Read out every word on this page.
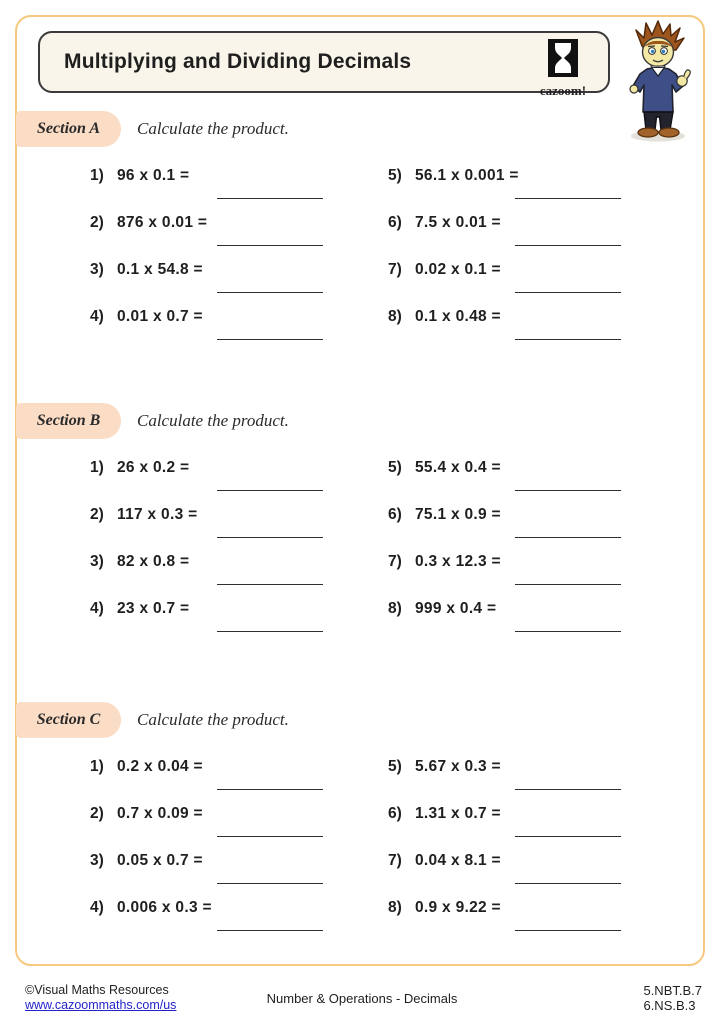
Multiplying and Dividing Decimals
cazoom!
Section A Calculate the product.
1) 96 x 0.1 =
2) 876 x 0.01 =
3) 0.1 x 54.8 =
4) 0.01 x 0.7 =
5) 56.1 x 0.001 =
6) 7.5 x 0.01 =
7) 0.02 x 0.1 =
8) 0.1 x 0.48 =
Section B Calculate the product.
1) 26 x 0.2 =
2) 117 x 0.3 =
3) 82 x 0.8 =
4) 23 x 0.7 =
5) 55.4 x 0.4 =
6) 75.1 x 0.9 =
7) 0.3 x 12.3 =
8) 999 x 0.4 =
Section C Calculate the product.
1) 0.2 x 0.04 =
2) 0.7 x 0.09 =
3) 0.05 x 0.7 =
4) 0.006 x 0.3 =
5) 5.67 x 0.3 =
6) 1.31 x 0.7 =
7) 0.04 x 8.1 =
8) 0.9 x 9.22 =
©Visual Maths Resources
www.cazoommaths.com/us	Number & Operations - Decimals
5.NBT.B.7
6.NS.B.3
